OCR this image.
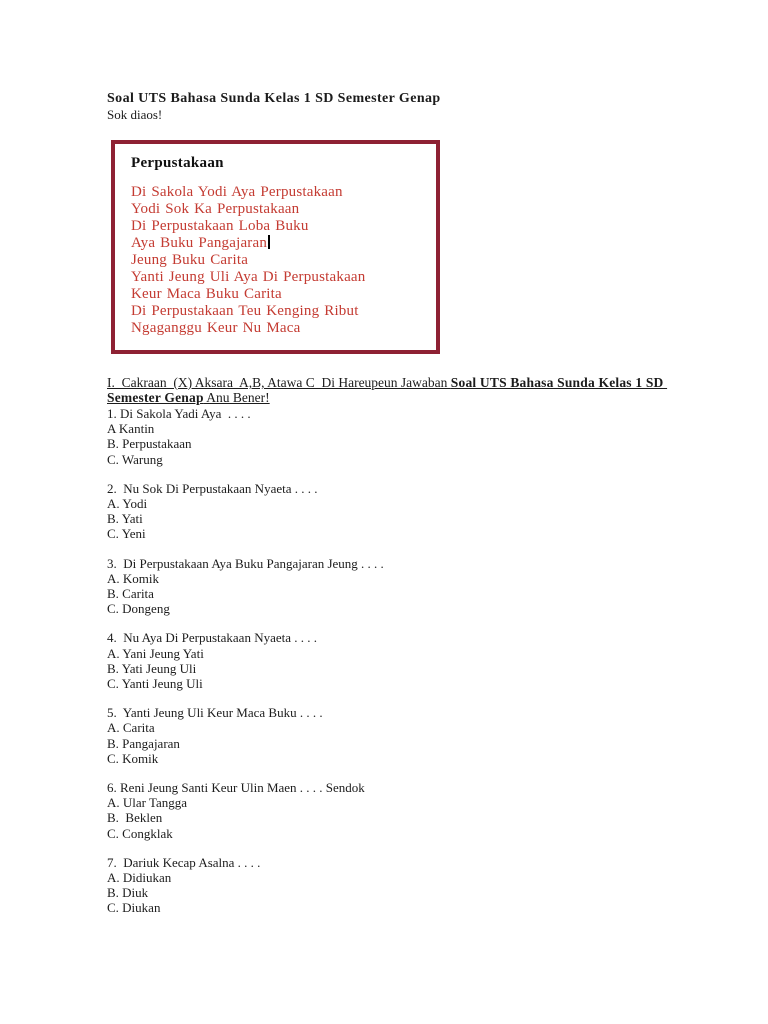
Soal UTS Bahasa Sunda Kelas 1 SD Semester Genap
Sok diaos!
Perpustakaan
Di Sakola Yodi Aya Perpustakaan
Yodi Sok Ka Perpustakaan
Di Perpustakaan Loba Buku
Aya Buku Pangajaran
Jeung Buku Carita
Yanti Jeung Uli Aya Di Perpustakaan
Keur Maca Buku Carita
Di Perpustakaan Teu Kenging Ribut
Ngaganggu Keur Nu Maca
I.  Cakraan  (X) Aksara  A,B, Atawa C  Di Hareupeun Jawaban Soal UTS Bahasa Sunda Kelas 1 SD Semester Genap Anu Bener!
1. Di Sakola Yadi Aya  . . . .
A Kantin
B. Perpustakaan
C. Warung
2.  Nu Sok Di Perpustakaan Nyaeta . . . .
A. Yodi
B. Yati
C. Yeni
3.  Di Perpustakaan Aya Buku Pangajaran Jeung . . . .
A. Komik
B. Carita
C. Dongeng
4.  Nu Aya Di Perpustakaan Nyaeta . . . .
A. Yani Jeung Yati
B. Yati Jeung Uli
C. Yanti Jeung Uli
5.  Yanti Jeung Uli Keur Maca Buku . . . .
A. Carita
B. Pangajaran
C. Komik
6. Reni Jeung Santi Keur Ulin Maen . . . . Sendok
A. Ular Tangga
B.  Beklen
C. Congklak
7.  Dariuk Kecap Asalna . . . .
A. Didiukan
B. Diuk
C. Diukan
